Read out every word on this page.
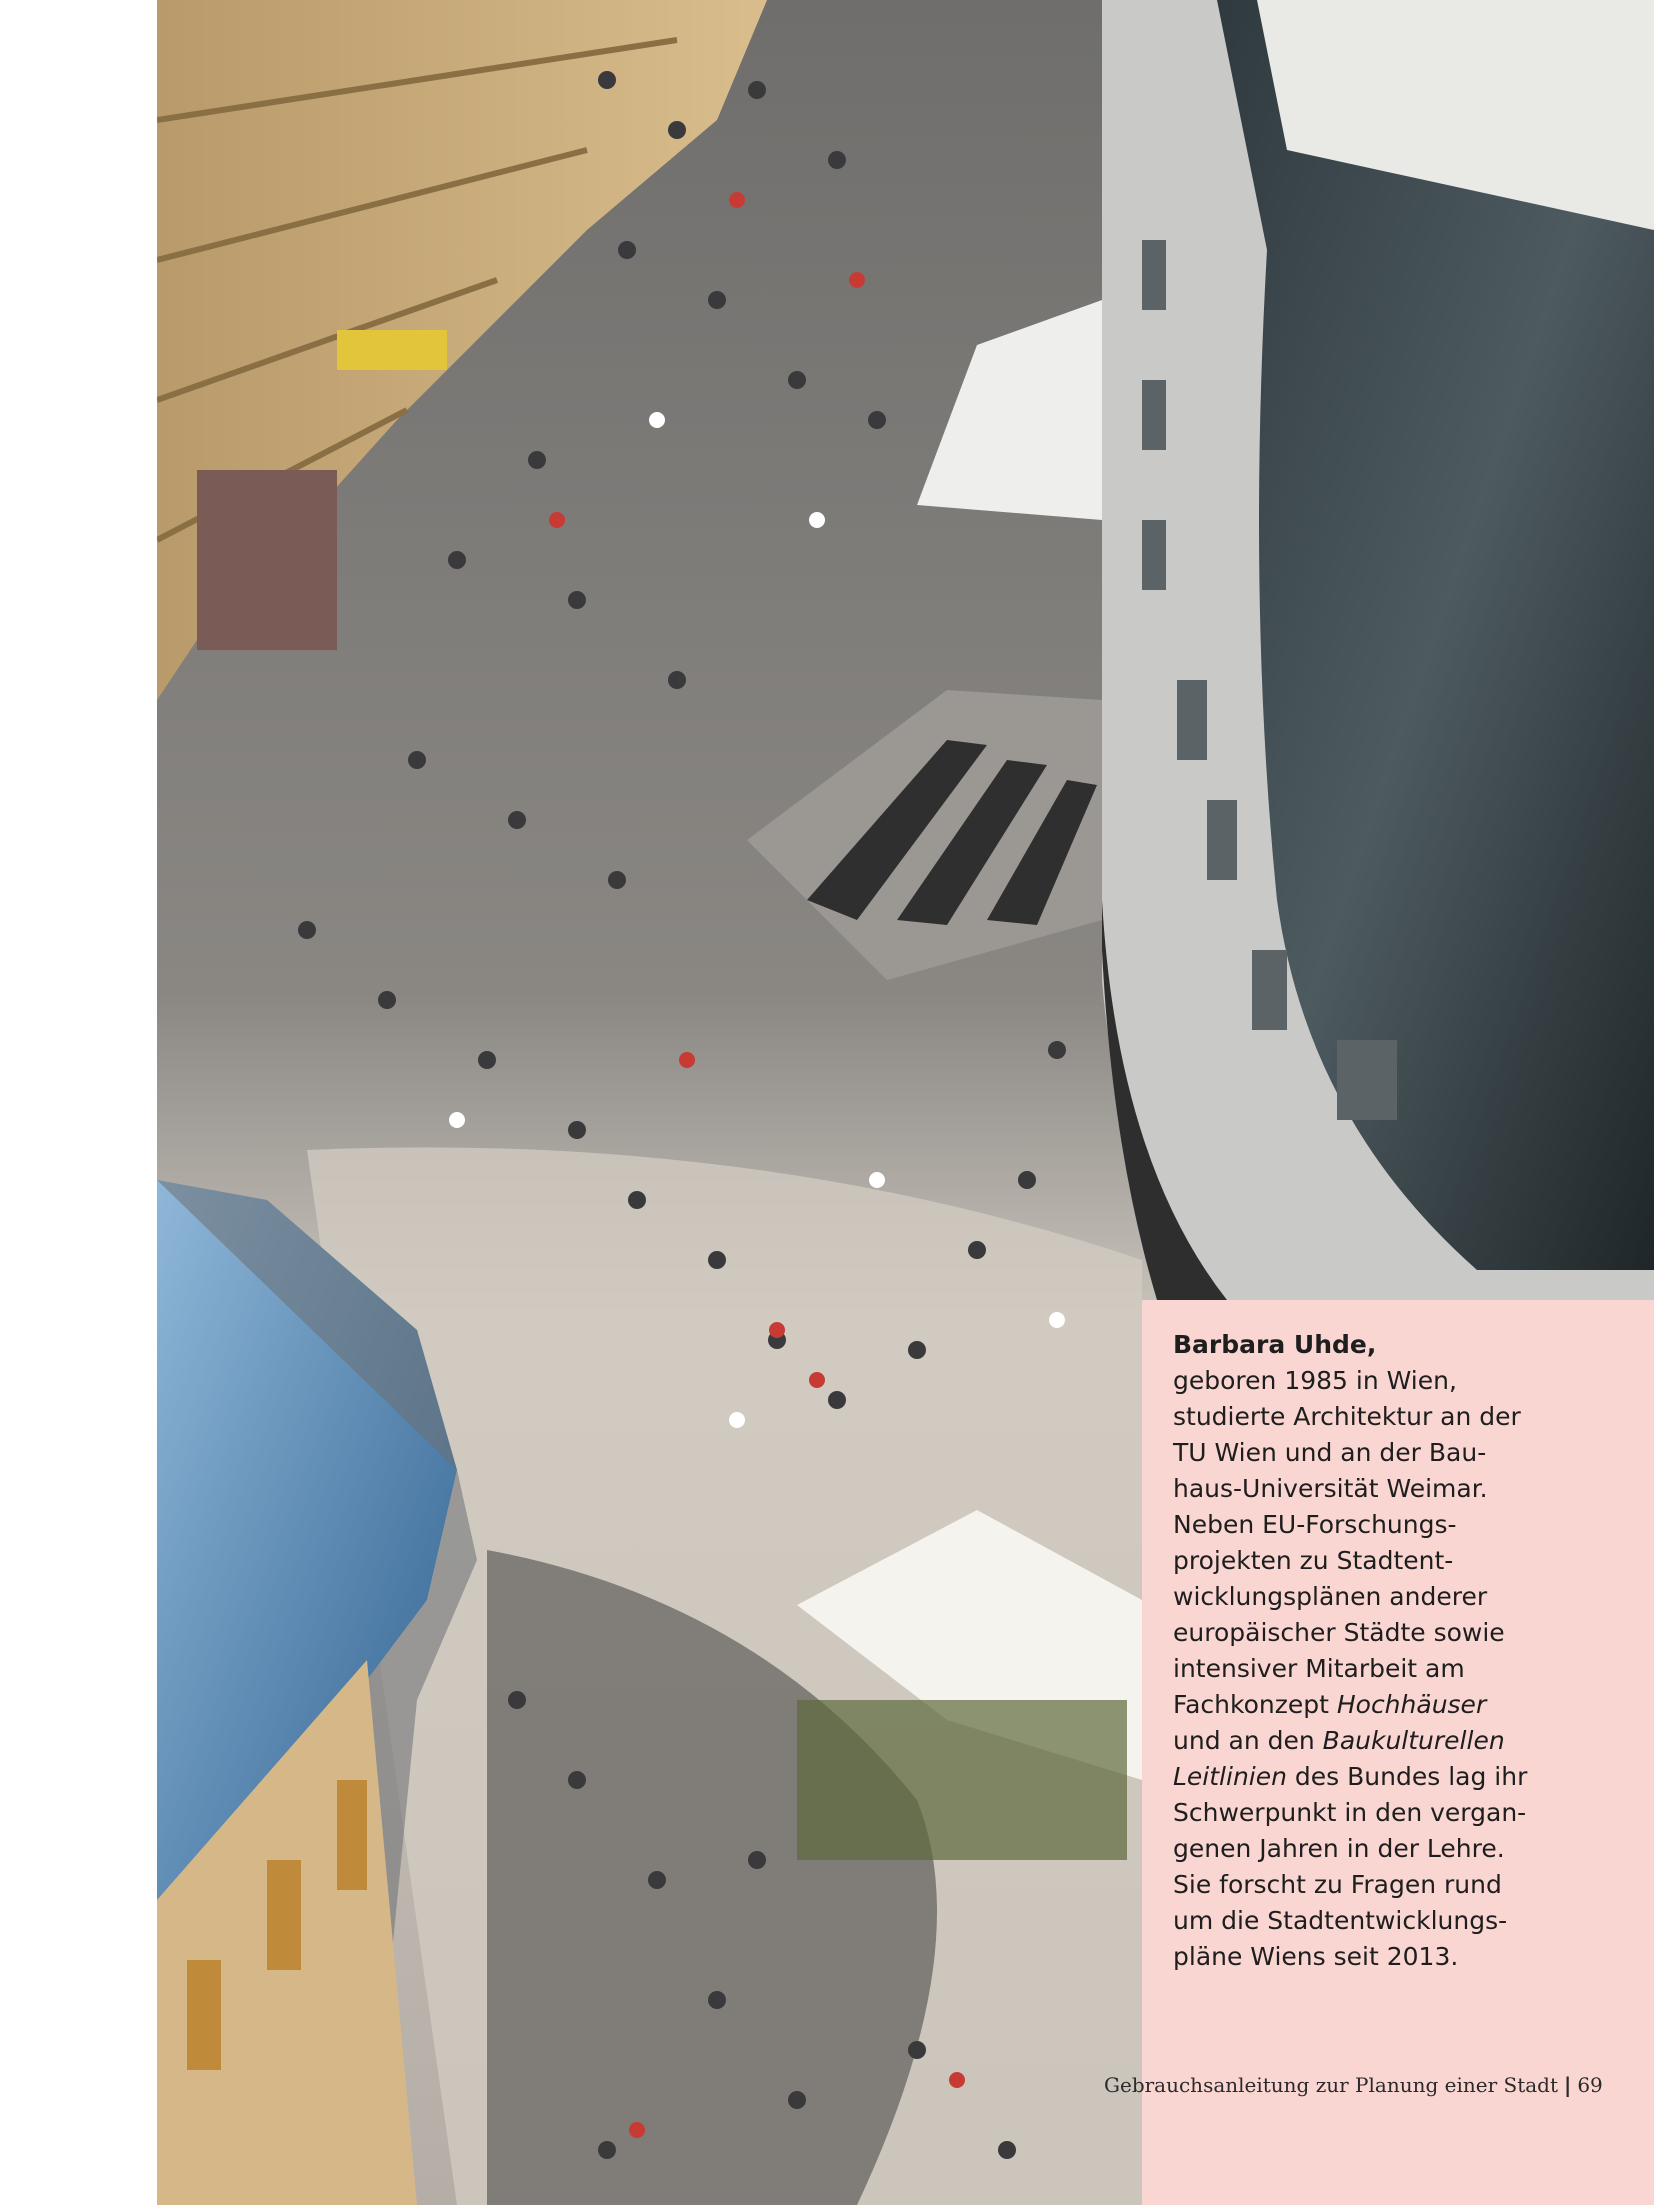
Barbara Uhde,
geboren 1985 in Wien,
studierte Architektur an der
TU Wien und an der Bau-
haus-Universität Weimar.
Neben EU-Forschungs-
projekten zu Stadtent-
wicklungsplänen anderer
europäischer Städte sowie
intensiver Mitarbeit am
Fachkonzept Hochhäuser
und an den Baukulturellen
Leitlinien des Bundes lag ihr
Schwerpunkt in den vergan-
genen Jahren in der Lehre.
Sie forscht zu Fragen rund
um die Stadtentwicklungs-
pläne Wiens seit 2013.
Gebrauchsanleitung zur Planung einer Stadt | 69
